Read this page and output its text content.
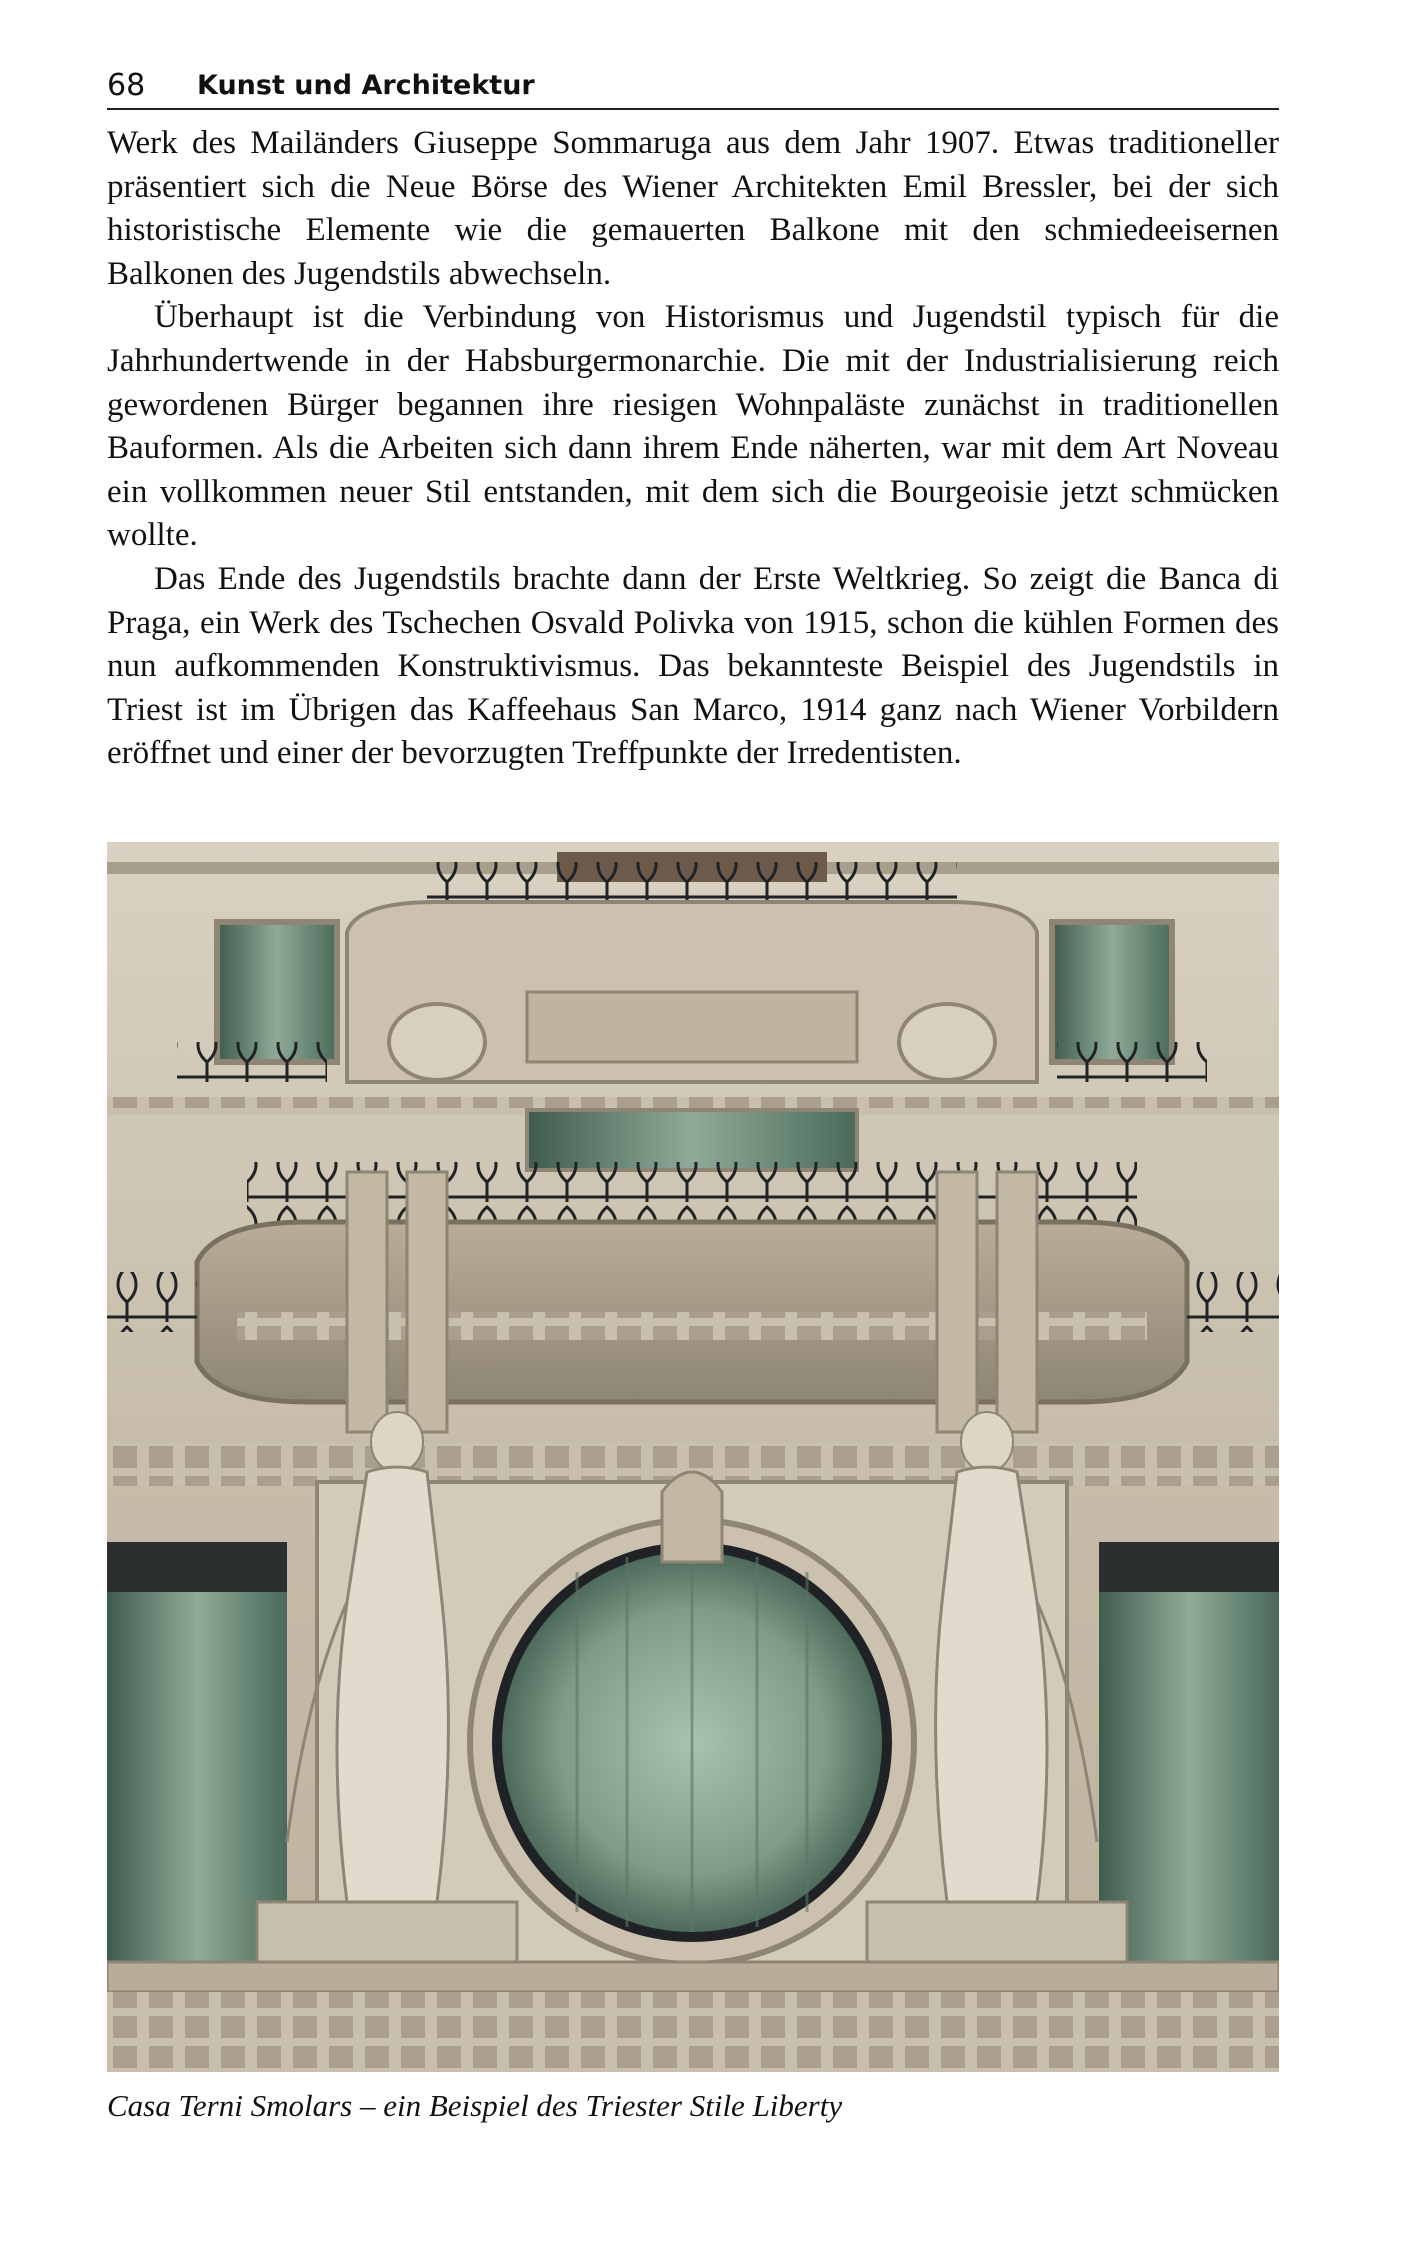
68	Kunst und Architektur

Werk des Mailänders Giuseppe Sommaruga aus dem Jahr 1907. Etwas traditioneller präsentiert sich die Neue Börse des Wiener Architekten Emil Bressler, bei der sich historistische Elemente wie die gemauerten Balkone mit den schmiedeeisernen Balkonen des Jugendstils abwechseln.

Überhaupt ist die Verbindung von Historismus und Jugendstil typisch für die Jahrhundertwende in der Habsburgermonarchie. Die mit der Industrialisierung reich gewordenen Bürger begannen ihre riesigen Wohnpaläste zunächst in traditionellen Bauformen. Als die Arbeiten sich dann ihrem Ende näherten, war mit dem Art Noveau ein vollkommen neuer Stil entstanden, mit dem sich die Bourgeoisie jetzt schmücken wollte.

Das Ende des Jugendstils brachte dann der Erste Weltkrieg. So zeigt die Banca di Praga, ein Werk des Tschechen Osvald Polivka von 1915, schon die kühlen Formen des nun aufkommenden Konstruktivismus. Das bekannteste Beispiel des Jugendstils in Triest ist im Übrigen das Kaffeehaus San Marco, 1914 ganz nach Wiener Vorbildern eröffnet und einer der bevorzugten Treffpunkte der Irredentisten.

Casa Terni Smolars – ein Beispiel des Triester Stile Liberty
